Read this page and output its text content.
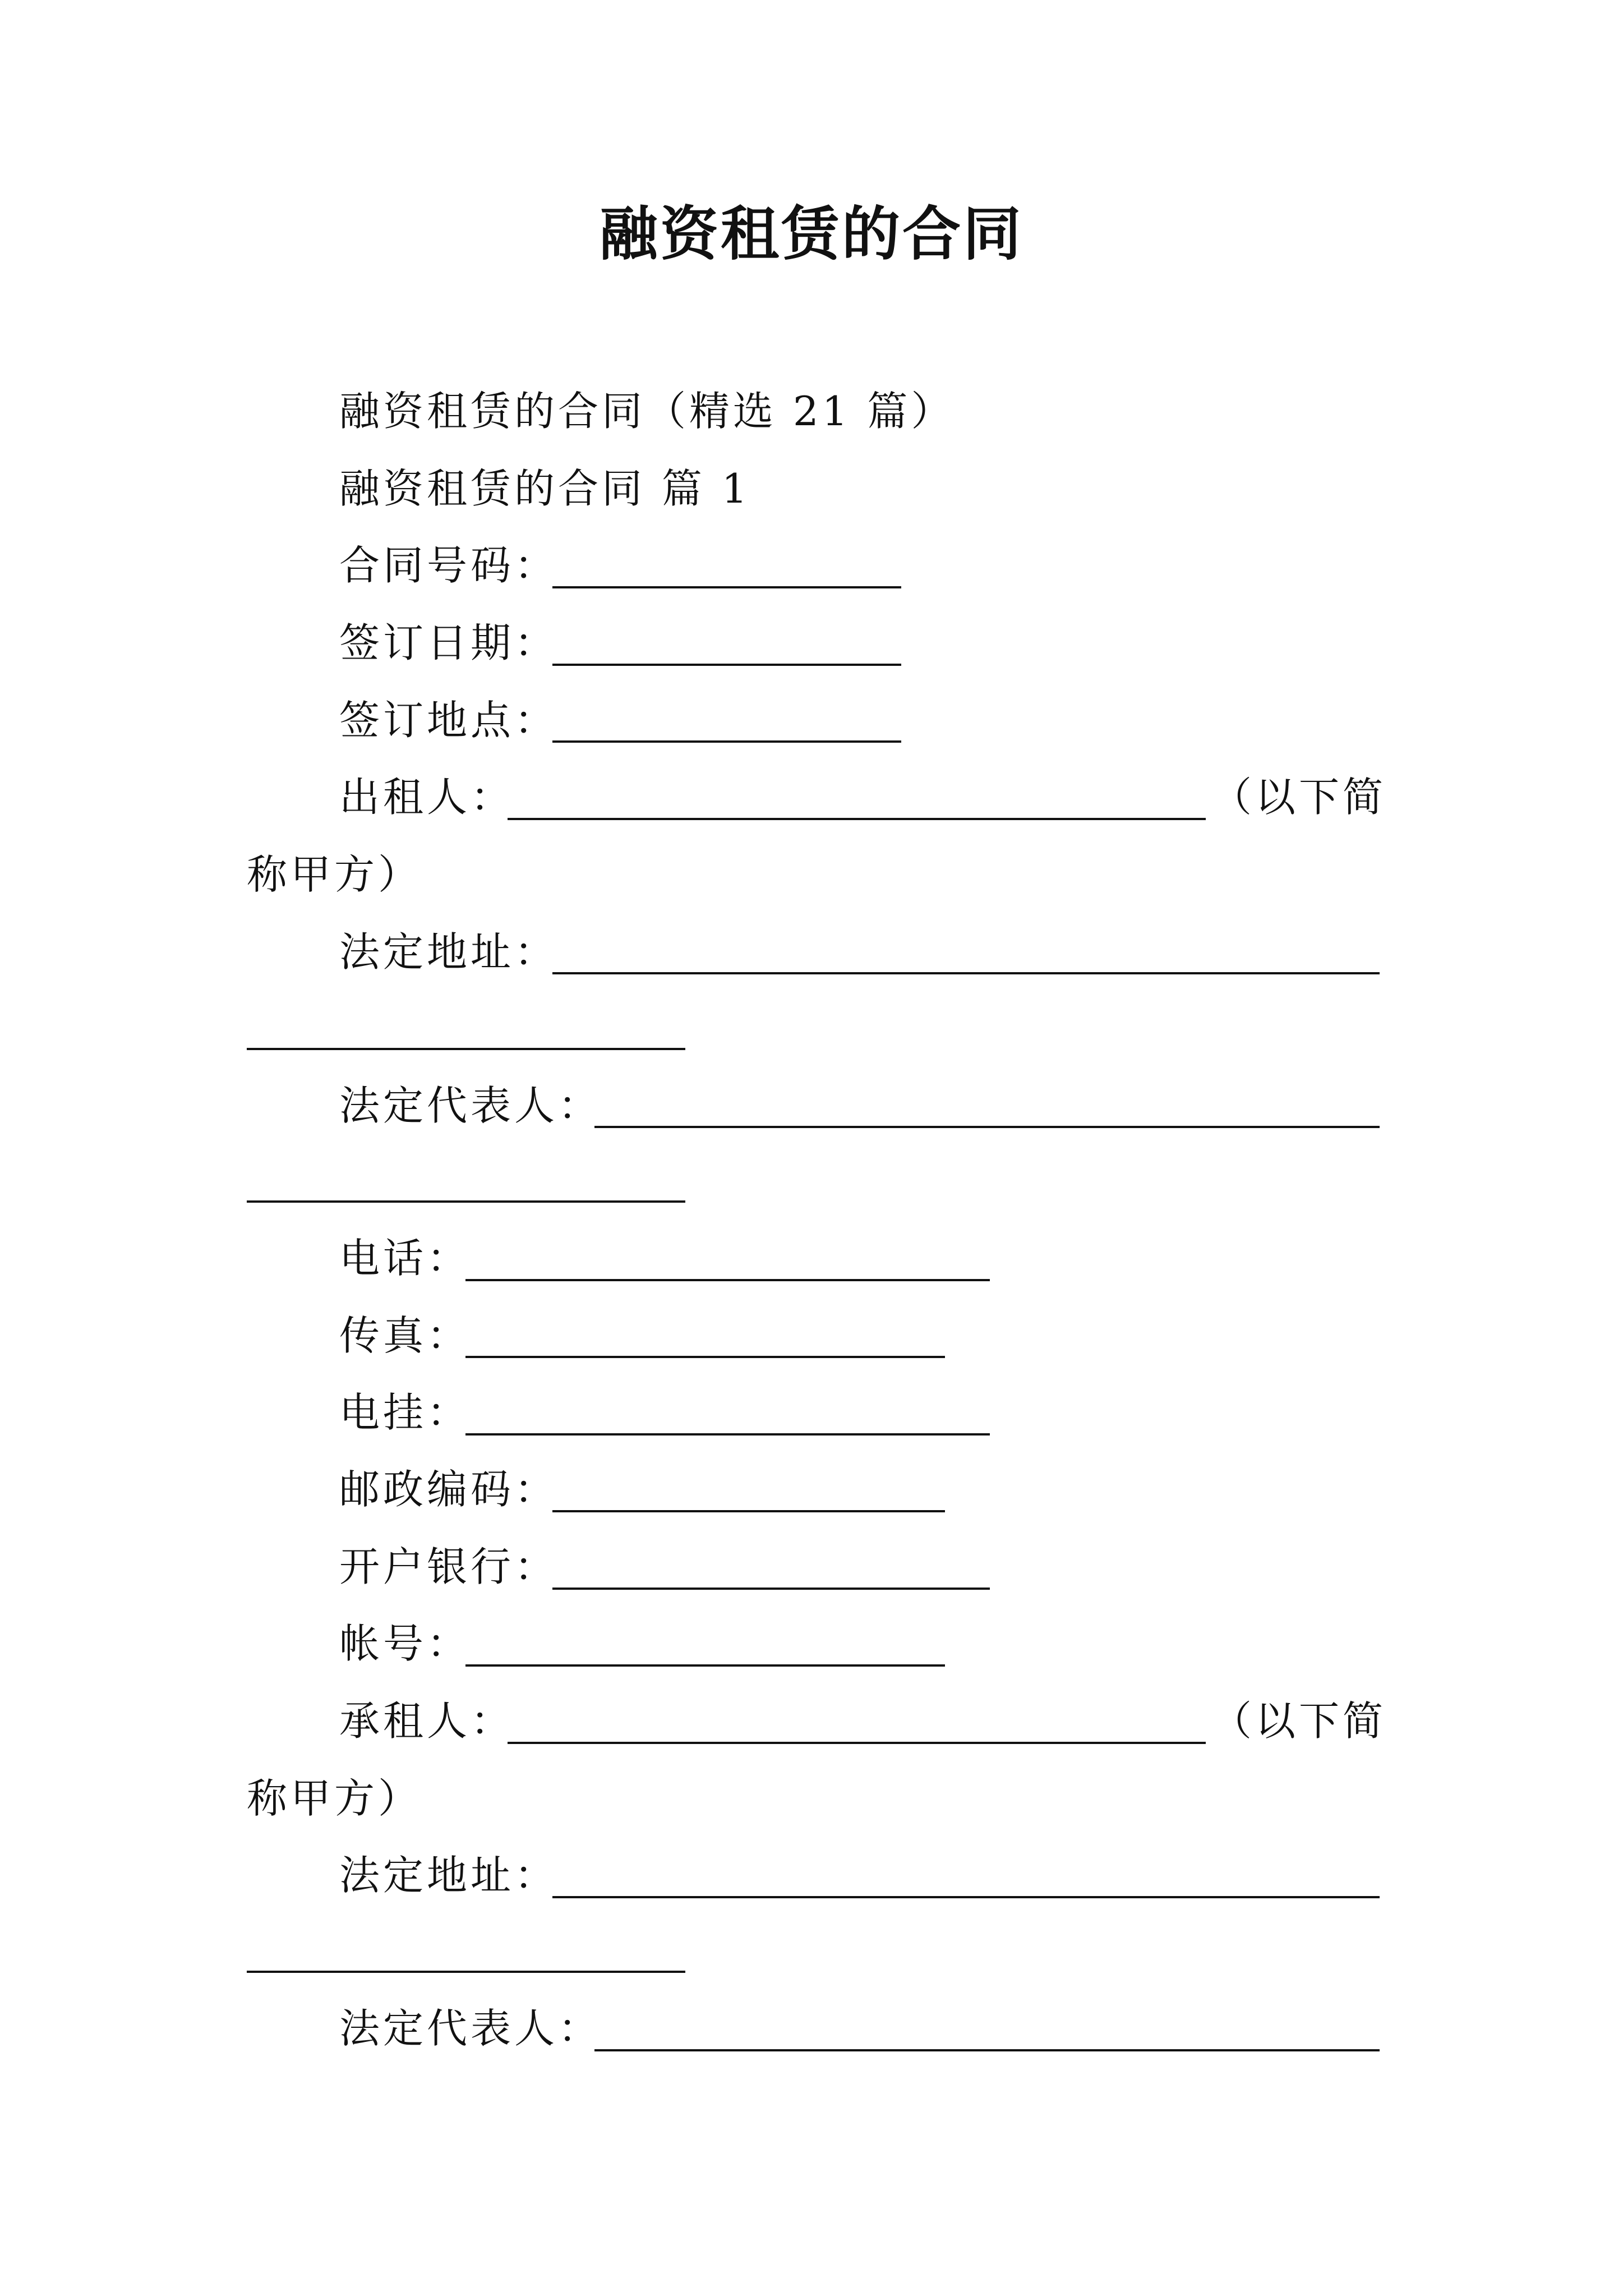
融资租赁的合同
融资租赁的合同（精选 21 篇）
融资租赁的合同 篇 1
合同号码：
签订日期：
签订地点：
出租人：	（以下简
称甲方）
法定地址：
法定代表人：
电话：
传真：
电挂：
邮政编码：
开户银行：
帐号：
承租人：	（以下简
称甲方）
法定地址：
法定代表人：
